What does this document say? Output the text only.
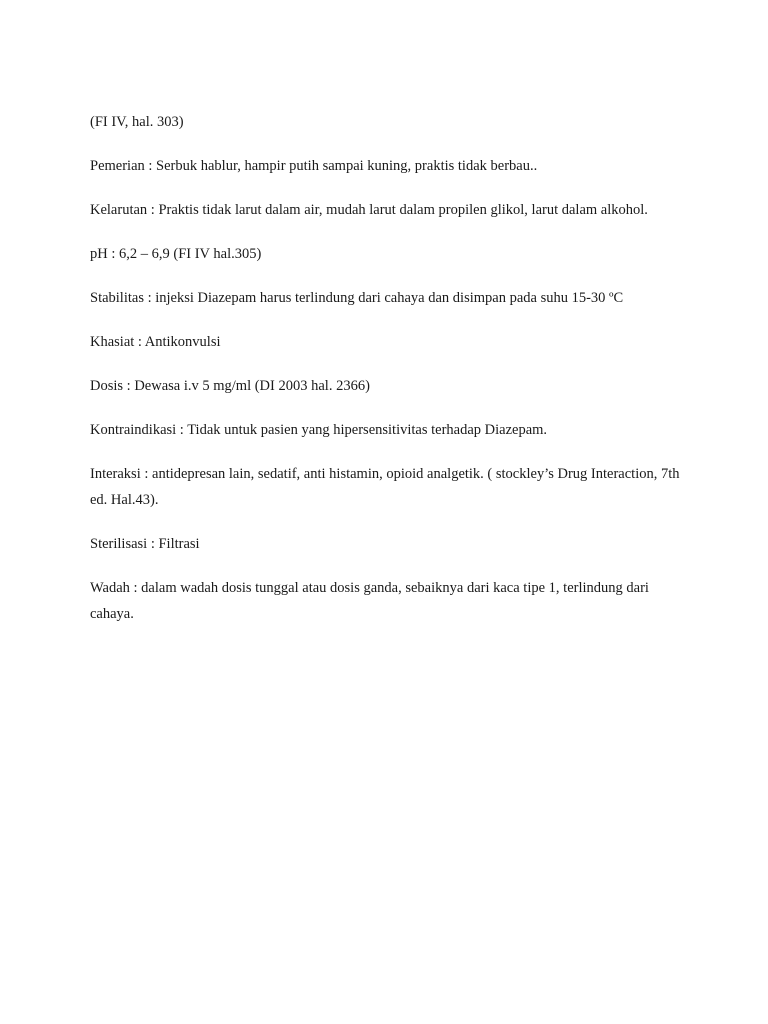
(FI IV, hal. 303)

Pemerian : Serbuk hablur, hampir putih sampai kuning, praktis tidak berbau..

Kelarutan : Praktis tidak larut dalam air, mudah larut dalam propilen glikol, larut dalam alkohol.

pH : 6,2 – 6,9 (FI IV hal.305)

Stabilitas : injeksi Diazepam harus terlindung dari cahaya dan disimpan pada suhu 15-30 ºC

Khasiat : Antikonvulsi

Dosis : Dewasa i.v 5 mg/ml (DI 2003 hal. 2366)

Kontraindikasi : Tidak untuk pasien yang hipersensitivitas terhadap Diazepam.

Interaksi : antidepresan lain, sedatif, anti histamin, opioid analgetik. ( stockley’s Drug Interaction, 7th ed. Hal.43).

Sterilisasi : Filtrasi

Wadah : dalam wadah dosis tunggal atau dosis ganda, sebaiknya dari kaca tipe 1, terlindung dari cahaya.
